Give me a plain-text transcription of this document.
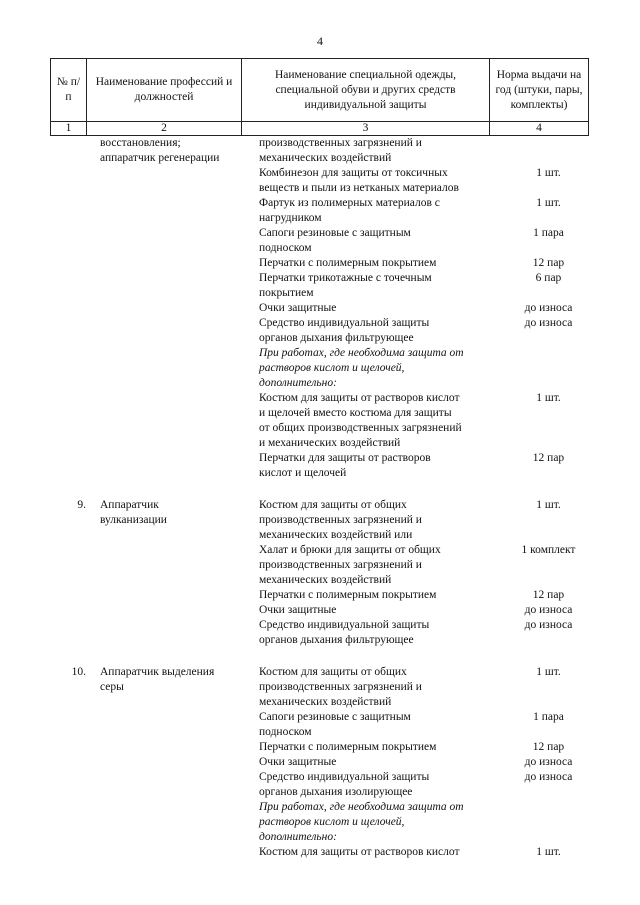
4
№ п/п	Наименование профессий и должностей	Наименование специальной одежды, специальной обуви и других средств индивидуальной защиты	Норма выдачи на год (штуки, пары, комплекты)
1	2	3	4
восстановления;	производственных загрязнений и
аппаратчик регенерации	механических воздействий
Комбинезон для защиты от токсичных	1 шт.
веществ и пыли из нетканых материалов
Фартук из полимерных материалов с	1 шт.
нагрудником
Сапоги резиновые с защитным	1 пара
подноском
Перчатки с полимерным покрытием	12 пар
Перчатки трикотажные с точечным	6 пар
покрытием
Очки защитные	до износа
Средство индивидуальной защиты	до износа
органов дыхания фильтрующее
При работах, где необходима защита от
растворов кислот и щелочей,
дополнительно:
Костюм для защиты от растворов кислот	1 шт.
и щелочей вместо костюма для защиты
от общих производственных загрязнений
и механических воздействий
Перчатки для защиты от растворов	12 пар
кислот и щелочей
9.	Аппаратчик	Костюм для защиты от общих	1 шт.
вулканизации	производственных загрязнений и
механических воздействий или
Халат и брюки для защиты от общих	1 комплект
производственных загрязнений и
механических воздействий
Перчатки с полимерным покрытием	12 пар
Очки защитные	до износа
Средство индивидуальной защиты	до износа
органов дыхания фильтрующее
10.	Аппаратчик выделения	Костюм для защиты от общих	1 шт.
серы	производственных загрязнений и
механических воздействий
Сапоги резиновые с защитным	1 пара
подноском
Перчатки с полимерным покрытием	12 пар
Очки защитные	до износа
Средство индивидуальной защиты	до износа
органов дыхания изолирующее
При работах, где необходима защита от
растворов кислот и щелочей,
дополнительно:
Костюм для защиты от растворов кислот	1 шт.
